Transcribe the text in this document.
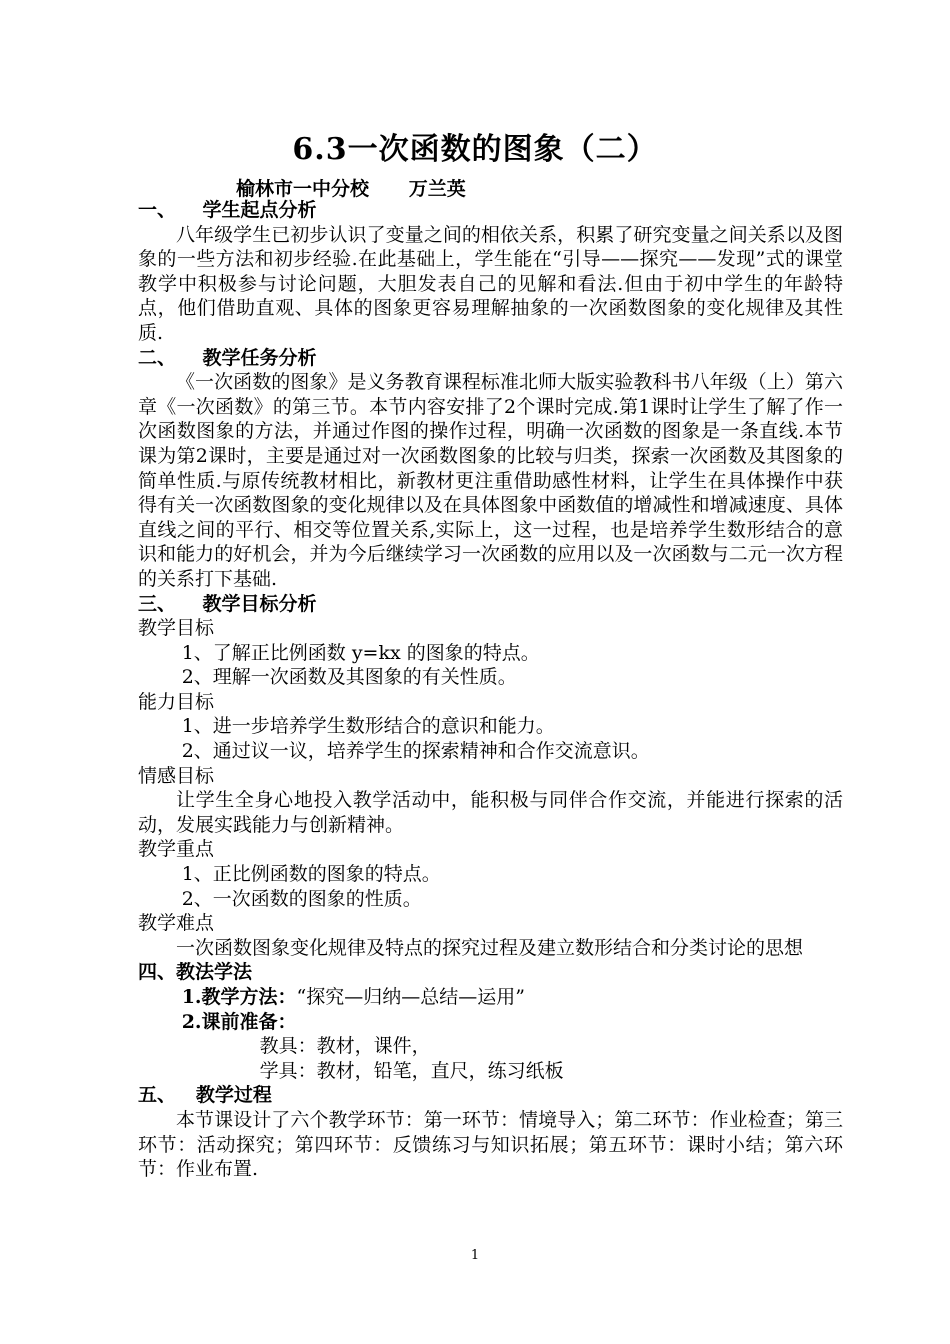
6.3一次函数的图象（二）
榆林市一中分校      万兰英
一、    学生起点分析

八年级学生已初步认识了变量之间的相依关系，积累了研究变量之间关系以及图象的一些方法和初步经验.在此基础上，学生能在“引导——探究——发现”式的课堂教学中积极参与讨论问题，大胆发表自己的见解和看法.但由于初中学生的年龄特点，他们借助直观、具体的图象更容易理解抽象的一次函数图象的变化规律及其性质.

二、    教学任务分析

《一次函数的图象》是义务教育课程标准北师大版实验教科书八年级（上）第六章《一次函数》的第三节。本节内容安排了2个课时完成.第1课时让学生了解了作一次函数图象的方法，并通过作图的操作过程，明确一次函数的图象是一条直线.本节课为第2课时，主要是通过对一次函数图象的比较与归类，探索一次函数及其图象的简单性质.与原传统教材相比，新教材更注重借助感性材料，让学生在具体操作中获得有关一次函数图象的变化规律以及在具体图象中函数值的增减性和增减速度、具体直线之间的平行、相交等位置关系,实际上，这一过程，也是培养学生数形结合的意识和能力的好机会，并为今后继续学习一次函数的应用以及一次函数与二元一次方程的关系打下基础.

三、    教学目标分析

教学目标

1、了解正比例函数 y=kx 的图象的特点。

2、理解一次函数及其图象的有关性质。

能力目标

1、进一步培养学生数形结合的意识和能力。

2、通过议一议，培养学生的探索精神和合作交流意识。

情感目标

让学生全身心地投入教学活动中，能积极与同伴合作交流，并能进行探索的活动，发展实践能力与创新精神。

教学重点

1、正比例函数的图象的特点。

2、一次函数的图象的性质。

教学难点

一次函数图象变化规律及特点的探究过程及建立数形结合和分类讨论的思想

四、教法学法

1.教学方法：“探究—归纳—总结—运用”

2.课前准备：

教具：教材，课件，

学具：教材，铅笔，直尺，练习纸板

五、   教学过程

本节课设计了六个教学环节：第一环节：情境导入；第二环节：作业检查；第三环节：活动探究；第四环节：反馈练习与知识拓展；第五环节：课时小结；第六环节：作业布置.

1
